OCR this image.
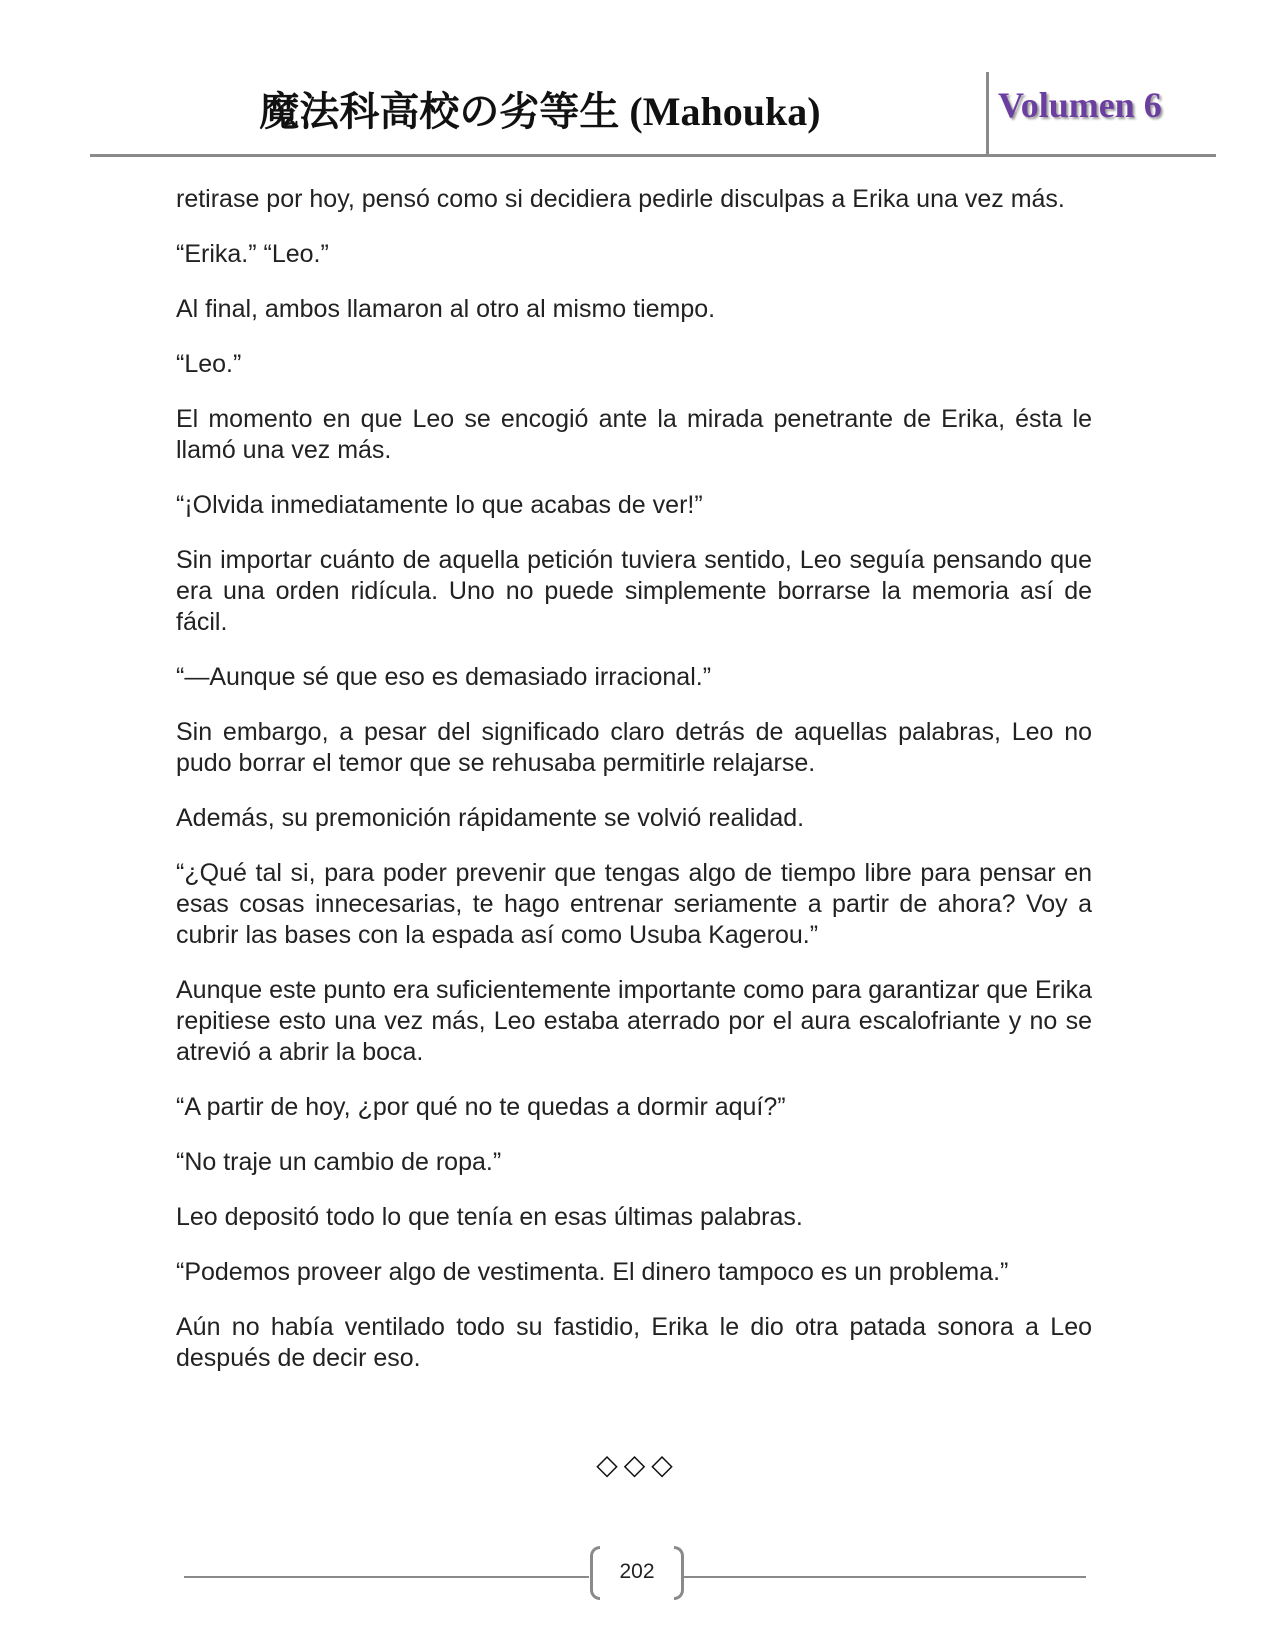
魔法科高校の劣等生 (Mahouka)	Volumen 6

retirase por hoy, pensó como si decidiera pedirle disculpas a Erika una vez más.

“Erika.” “Leo.”

Al final, ambos llamaron al otro al mismo tiempo.

“Leo.”

El momento en que Leo se encogió ante la mirada penetrante de Erika, ésta le llamó una vez más.

“¡Olvida inmediatamente lo que acabas de ver!”

Sin importar cuánto de aquella petición tuviera sentido, Leo seguía pensando que era una orden ridícula. Uno no puede simplemente borrarse la memoria así de fácil.

“—Aunque sé que eso es demasiado irracional.”

Sin embargo, a pesar del significado claro detrás de aquellas palabras, Leo no pudo borrar el temor que se rehusaba permitirle relajarse.

Además, su premonición rápidamente se volvió realidad.

“¿Qué tal si, para poder prevenir que tengas algo de tiempo libre para pensar en esas cosas innecesarias, te hago entrenar seriamente a partir de ahora? Voy a cubrir las bases con la espada así como Usuba Kagerou.”

Aunque este punto era suficientemente importante como para garantizar que Erika repitiese esto una vez más, Leo estaba aterrado por el aura escalofriante y no se atrevió a abrir la boca.

“A partir de hoy, ¿por qué no te quedas a dormir aquí?”

“No traje un cambio de ropa.”

Leo depositó todo lo que tenía en esas últimas palabras.

“Podemos proveer algo de vestimenta. El dinero tampoco es un problema.”

Aún no había ventilado todo su fastidio, Erika le dio otra patada sonora a Leo después de decir eso.

◇◇◇
202
